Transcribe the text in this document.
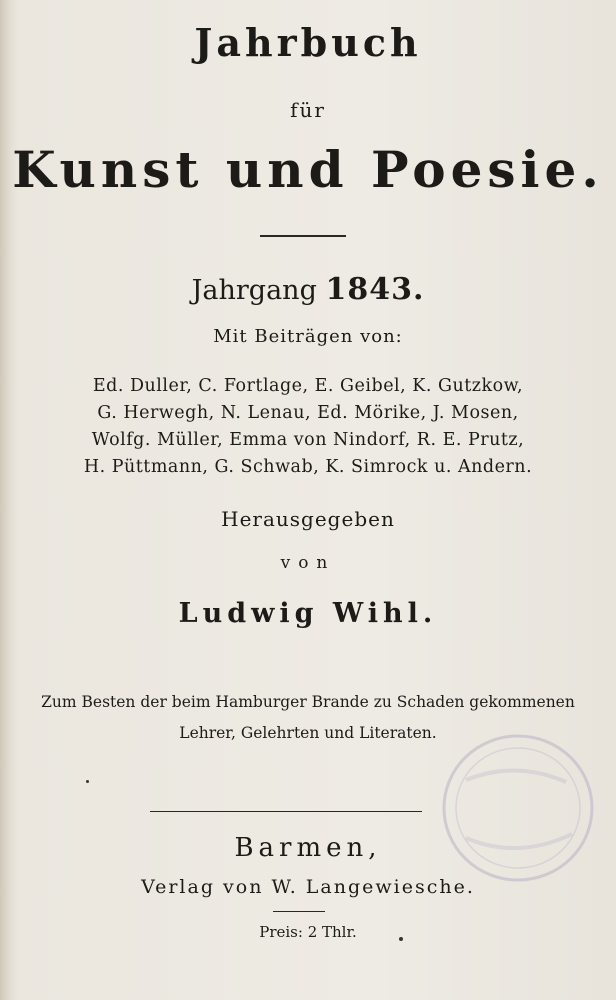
Jahrbuch
für
Kunst und Poesie.
Jahrgang 1843.
Mit Beiträgen von:
Ed. Duller, C. Fortlage, E. Geibel, K. Gutzkow,
G. Herwegh, N. Lenau, Ed. Mörike, J. Mosen,
Wolfg. Müller, Emma von Nindorf, R. E. Prutz,
H. Püttmann, G. Schwab, K. Simrock u. Andern.
Herausgegeben
von
Ludwig Wihl.
Zum Besten der beim Hamburger Brande zu Schaden gekommenen
Lehrer, Gelehrten und Literaten.
Barmen,
Verlag von W. Langewiesche.
Preis: 2 Thlr.
